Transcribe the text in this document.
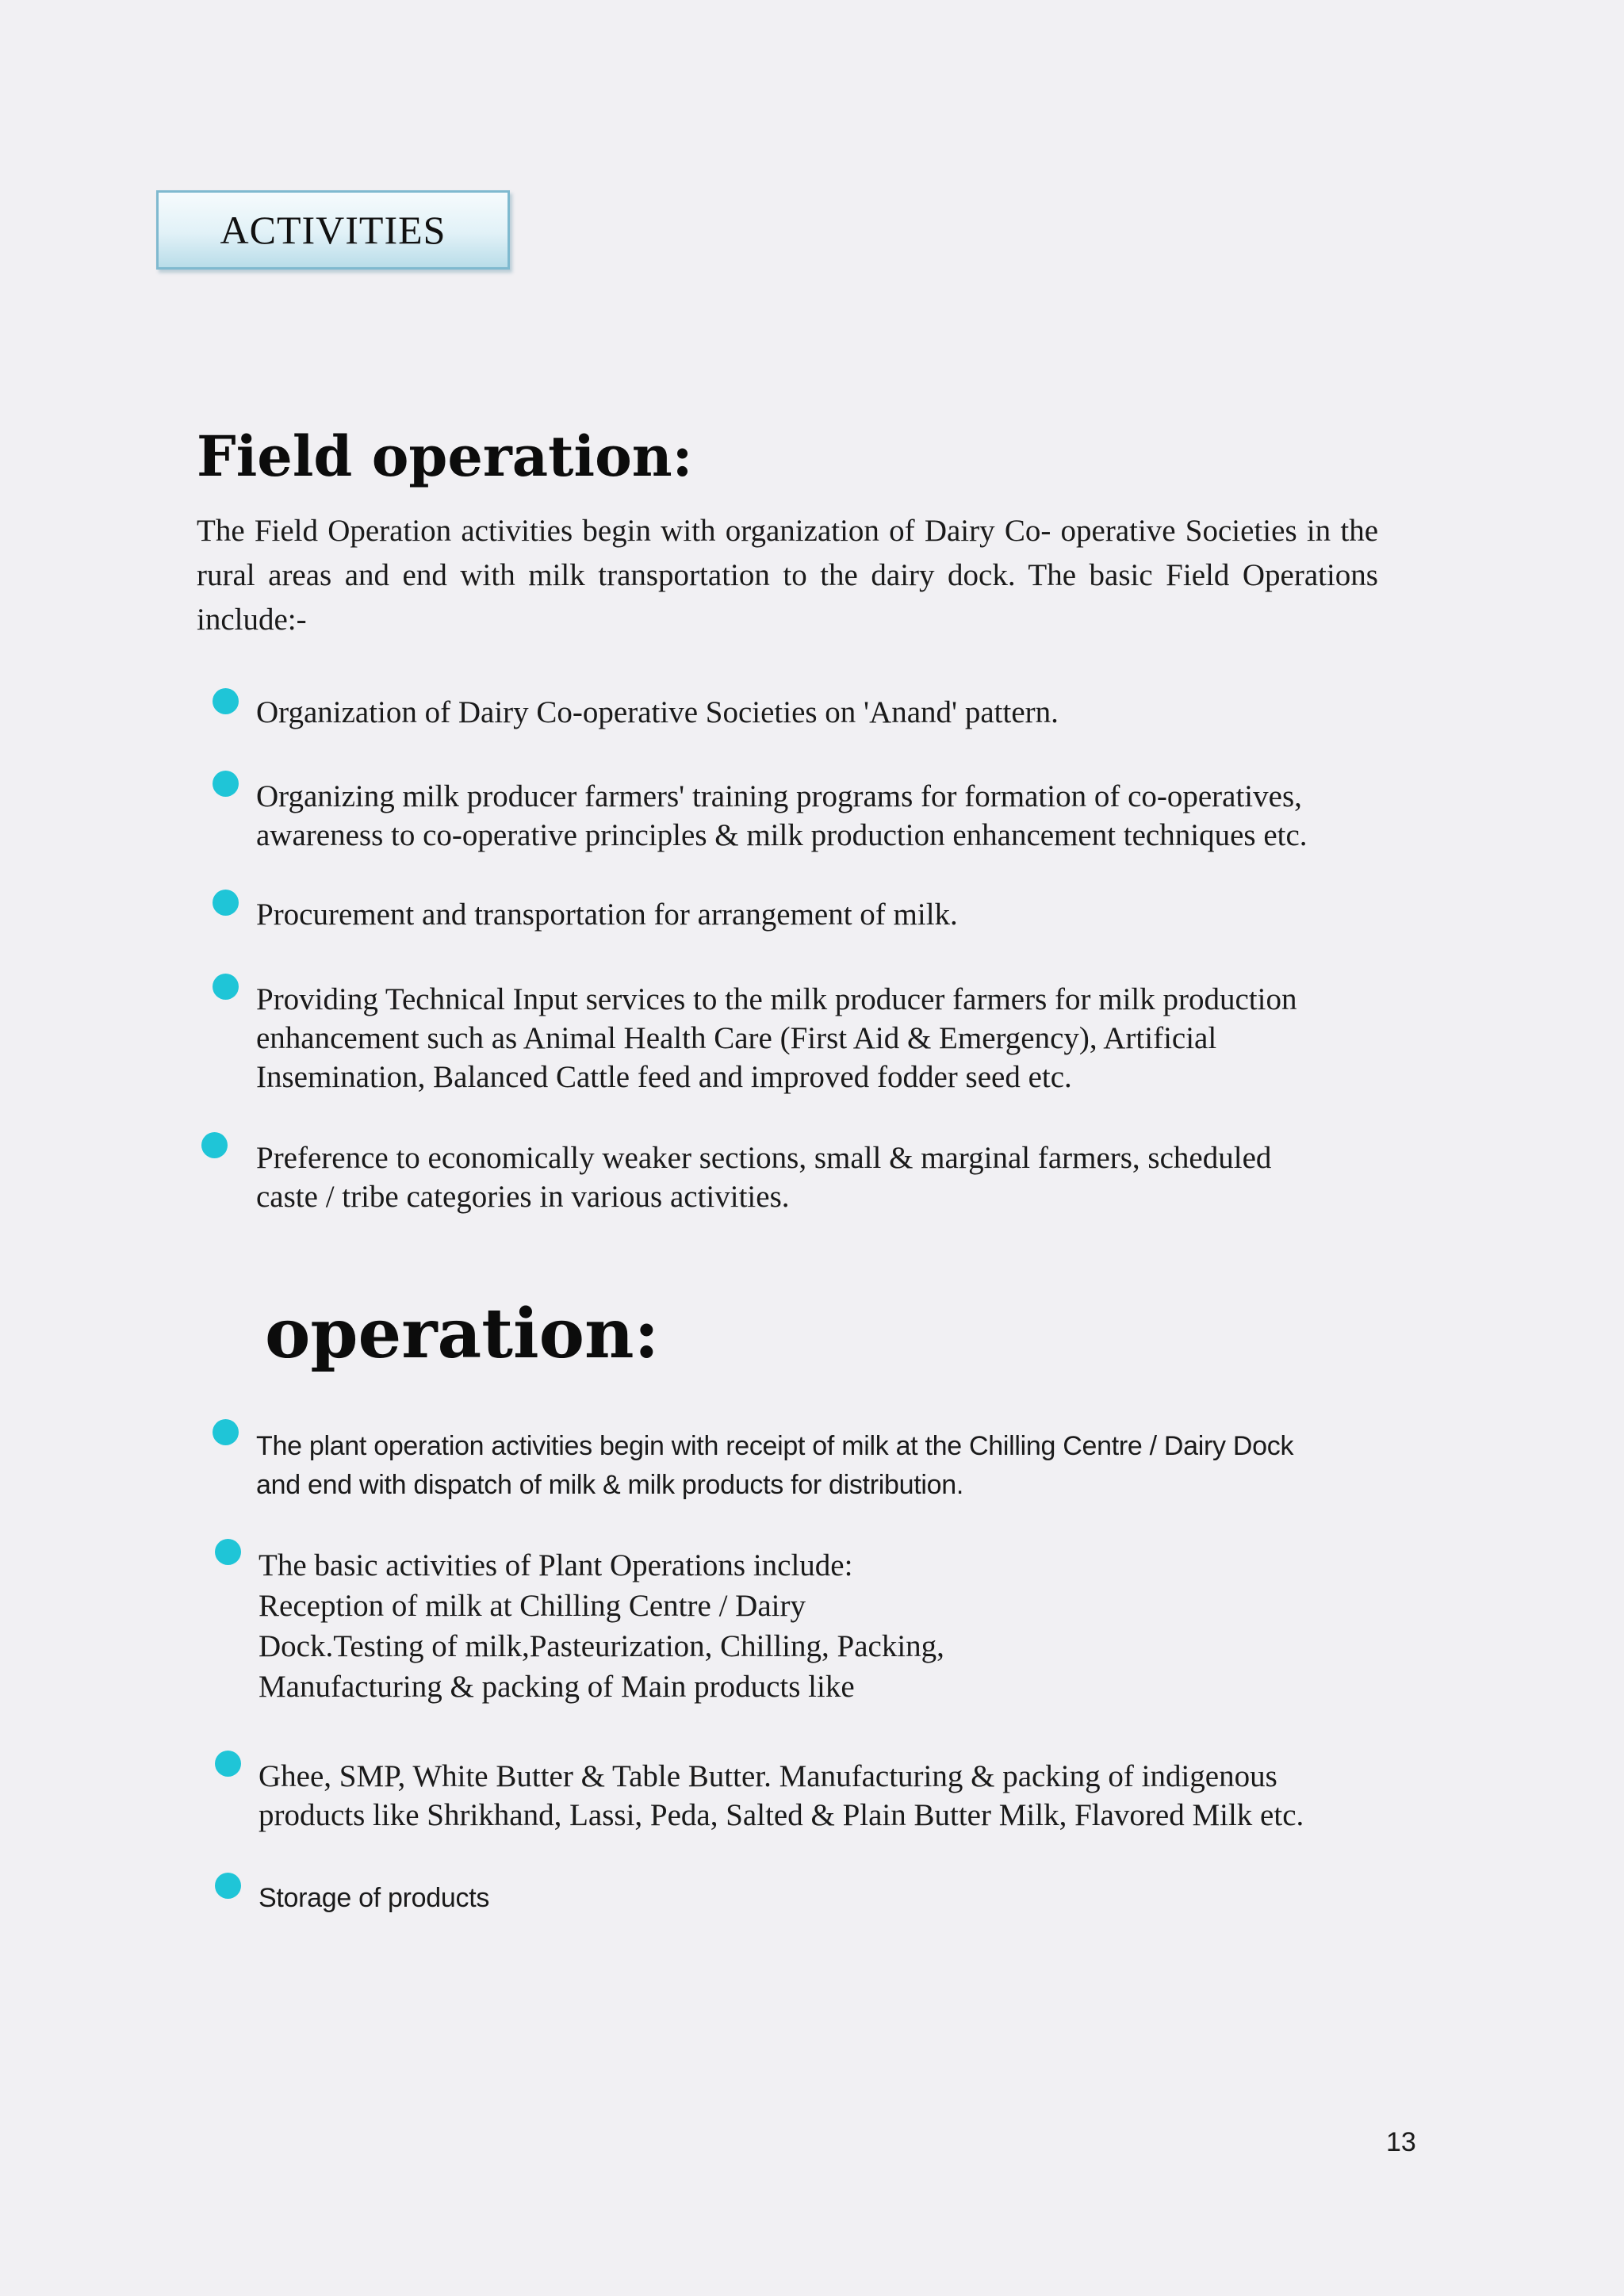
ACTIVITIES
Field operation:

The Field Operation activities begin with organization of Dairy Co- operative Societies in the rural areas and end with milk transportation to the dairy dock. The basic Field Operations include:-

Organization of Dairy Co-operative Societies on 'Anand' pattern.

Organizing milk producer farmers' training programs for formation of co-operatives,
awareness to co-operative principles & milk production enhancement techniques etc.

Procurement and transportation for arrangement of milk.

Providing Technical Input services to the milk producer farmers for milk production
enhancement such as Animal Health Care (First Aid & Emergency), Artificial
Insemination, Balanced Cattle feed and improved fodder seed etc.

Preference to economically weaker sections, small & marginal farmers, scheduled
caste / tribe categories in various activities.

operation:

The plant operation activities begin with receipt of milk at the Chilling Centre / Dairy Dock
and end with dispatch of milk & milk products for distribution.

The basic activities of Plant Operations include:
Reception of milk at Chilling Centre / Dairy
Dock.Testing of milk,Pasteurization, Chilling, Packing,
Manufacturing & packing of Main products like

Ghee, SMP, White Butter & Table Butter. Manufacturing & packing of indigenous
products like Shrikhand, Lassi, Peda, Salted & Plain Butter Milk, Flavored Milk etc.

Storage of products

13
